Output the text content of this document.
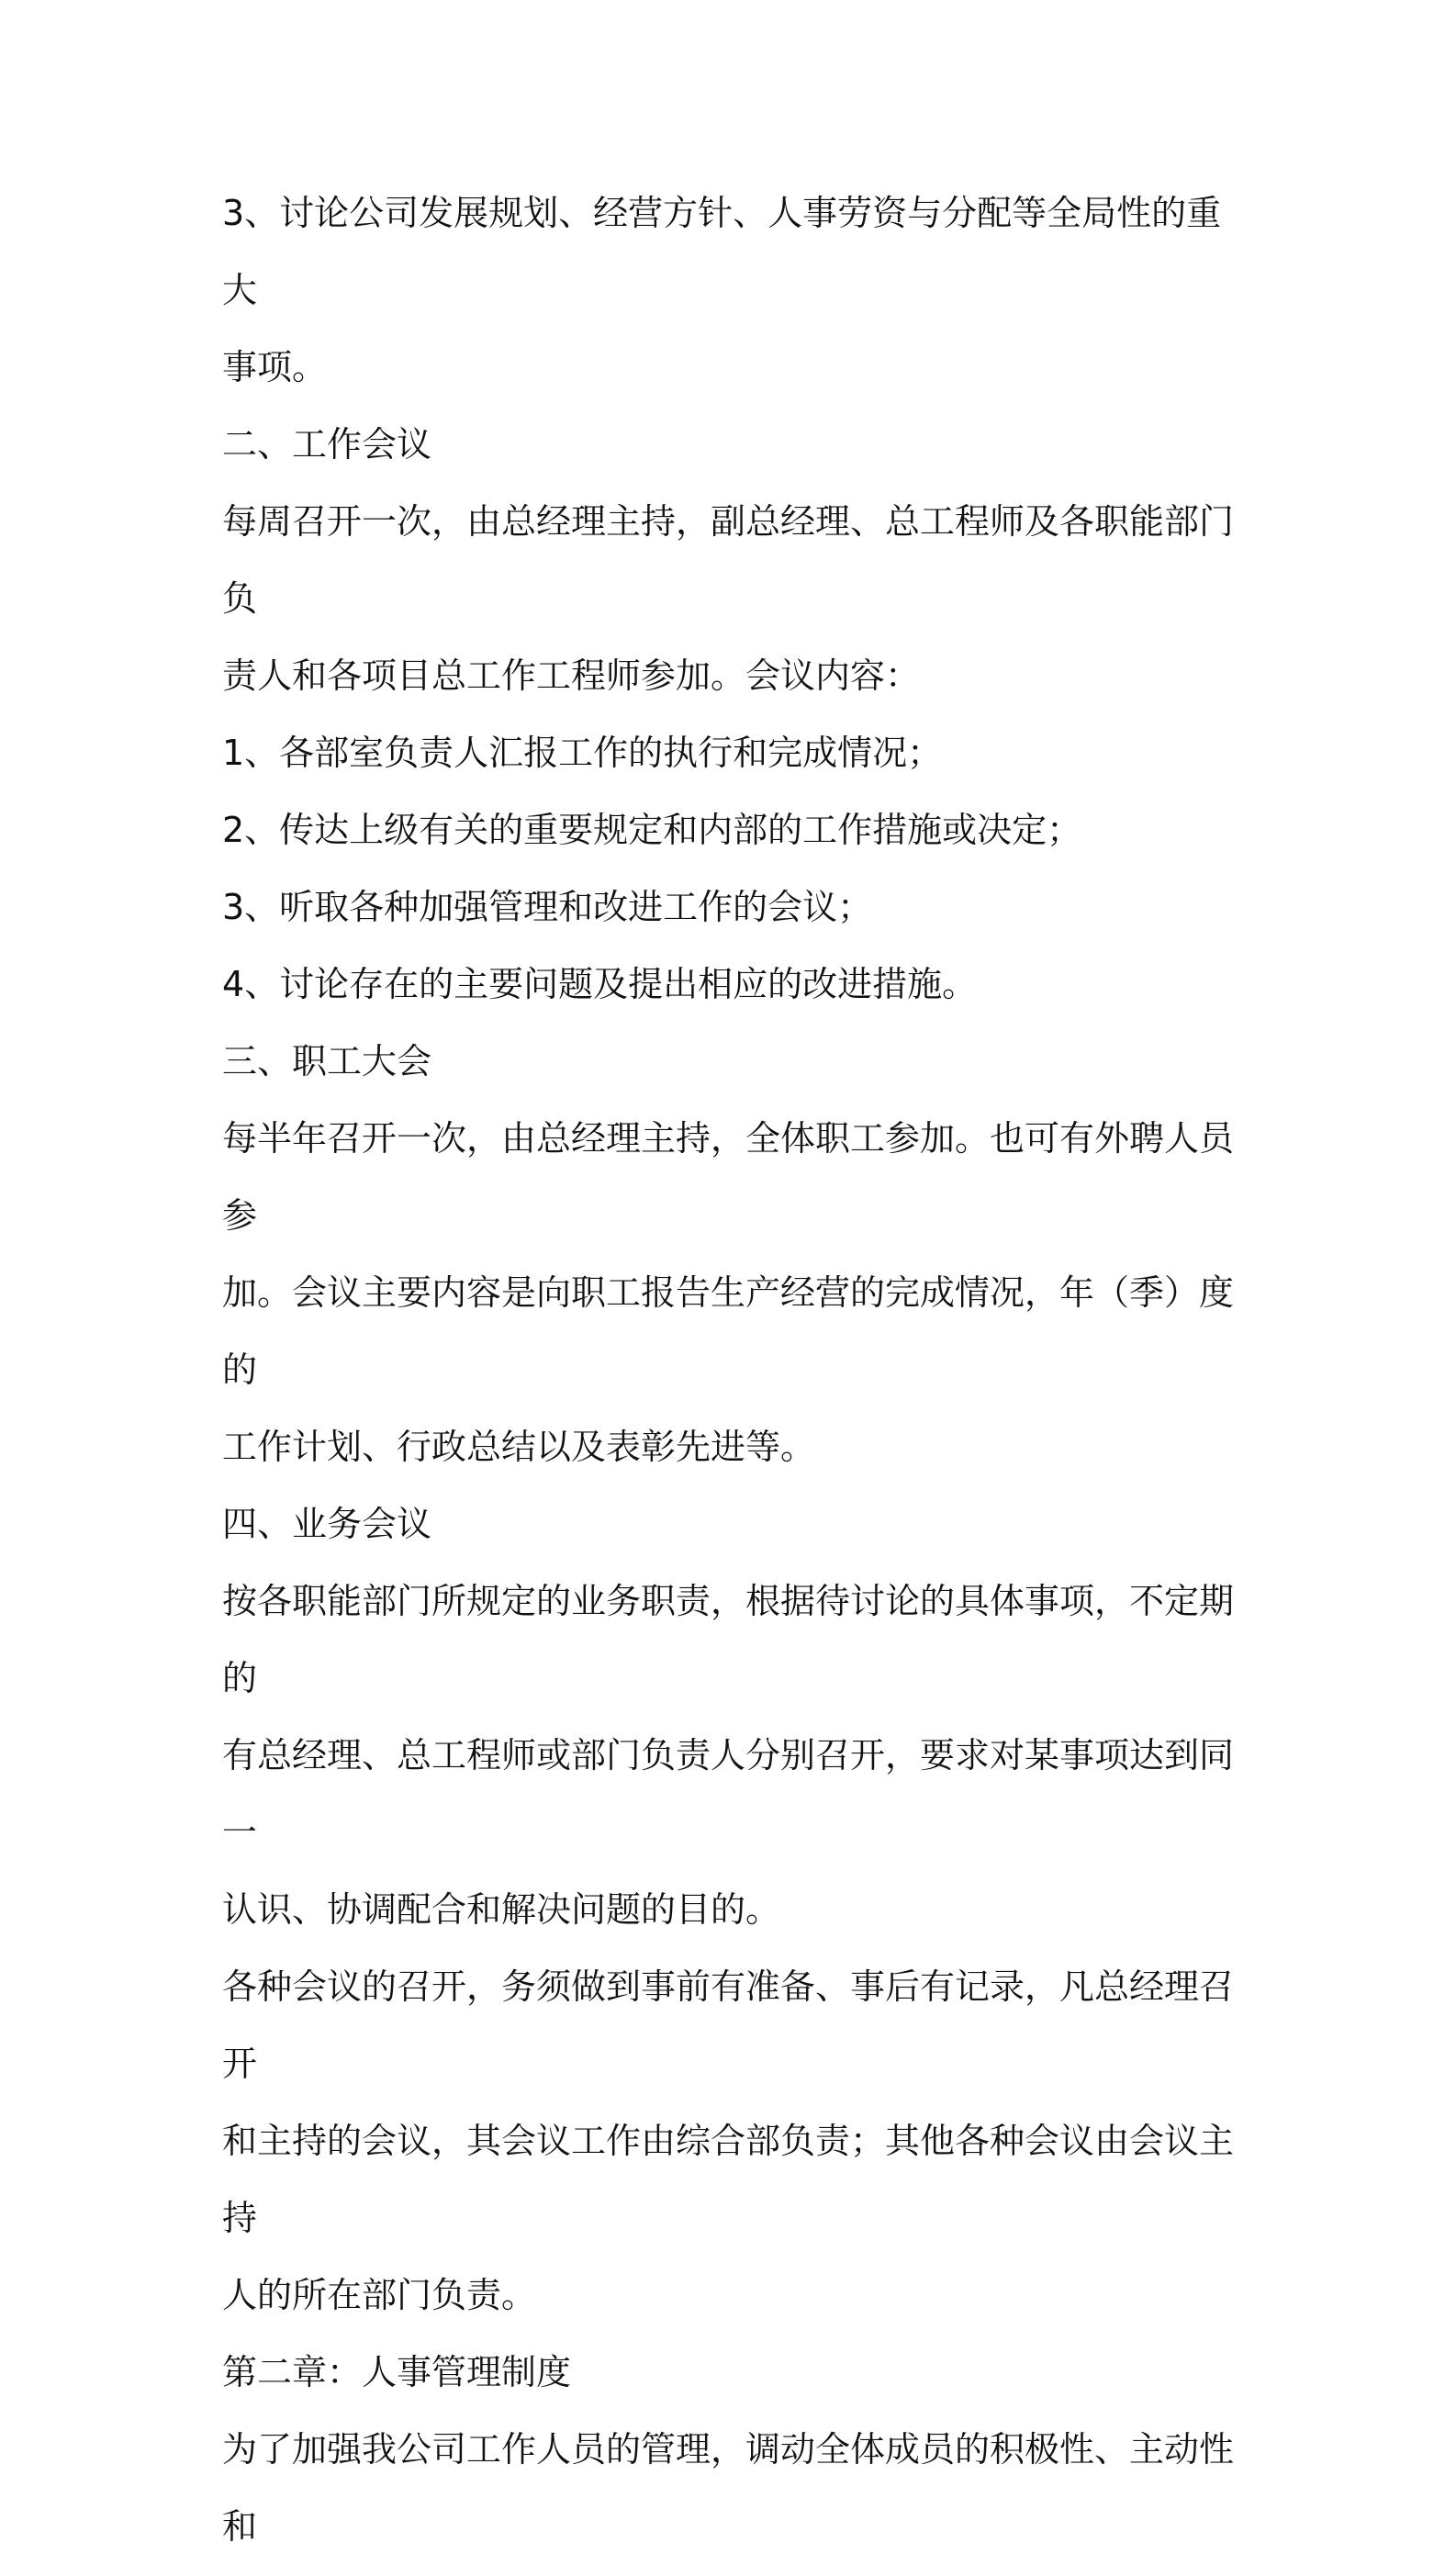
3、讨论公司发展规划、经营方针、人事劳资与分配等全局性的重大
事项。

二、工作会议

每周召开一次，由总经理主持，副总经理、总工程师及各职能部门负
责人和各项目总工作工程师参加。会议内容：

1、各部室负责人汇报工作的执行和完成情况；

2、传达上级有关的重要规定和内部的工作措施或决定；

3、听取各种加强管理和改进工作的会议；

4、讨论存在的主要问题及提出相应的改进措施。

三、职工大会

每半年召开一次，由总经理主持，全体职工参加。也可有外聘人员参
加。会议主要内容是向职工报告生产经营的完成情况，年（季）度的
工作计划、行政总结以及表彰先进等。

四、业务会议

按各职能部门所规定的业务职责，根据待讨论的具体事项，不定期的
有总经理、总工程师或部门负责人分别召开，要求对某事项达到同一
认识、协调配合和解决问题的目的。

各种会议的召开，务须做到事前有准备、事后有记录，凡总经理召开
和主持的会议，其会议工作由综合部负责；其他各种会议由会议主持
人的所在部门负责。

第二章：人事管理制度

为了加强我公司工作人员的管理，调动全体成员的积极性、主动性和
